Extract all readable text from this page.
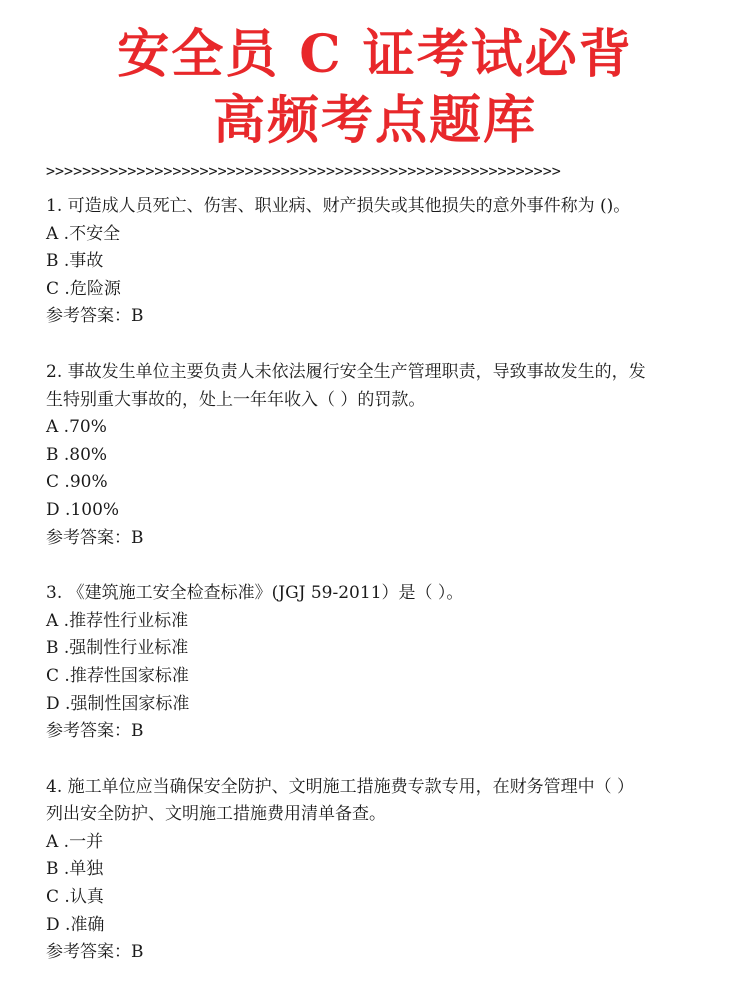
安全员 C 证考试必背
高频考点题库
>>>>>>>>>>>>>>>>>>>>>>>>>>>>>>>>>>>>>>>>>>>>>>>>>>>>>>>>>
1. 可造成人员死亡、伤害、职业病、财产损失或其他损失的意外事件称为 ()。
A .不安全
B .事故
C .危险源
参考答案：B
2. 事故发生单位主要负责人未依法履行安全生产管理职责，导致事故发生的，发
生特别重大事故的，处上一年年收入（ ）的罚款。
A .70%
B .80%
C .90%
D .100%
参考答案：B
3. 《建筑施工安全检查标准》(JGJ 59-2011）是（ ）。
A .推荐性行业标准
B .强制性行业标准
C .推荐性国家标准
D .强制性国家标准
参考答案：B
4. 施工单位应当确保安全防护、文明施工措施费专款专用，在财务管理中（ ）
列出安全防护、文明施工措施费用清单备查。
A .一并
B .单独
C .认真
D .准确
参考答案：B
